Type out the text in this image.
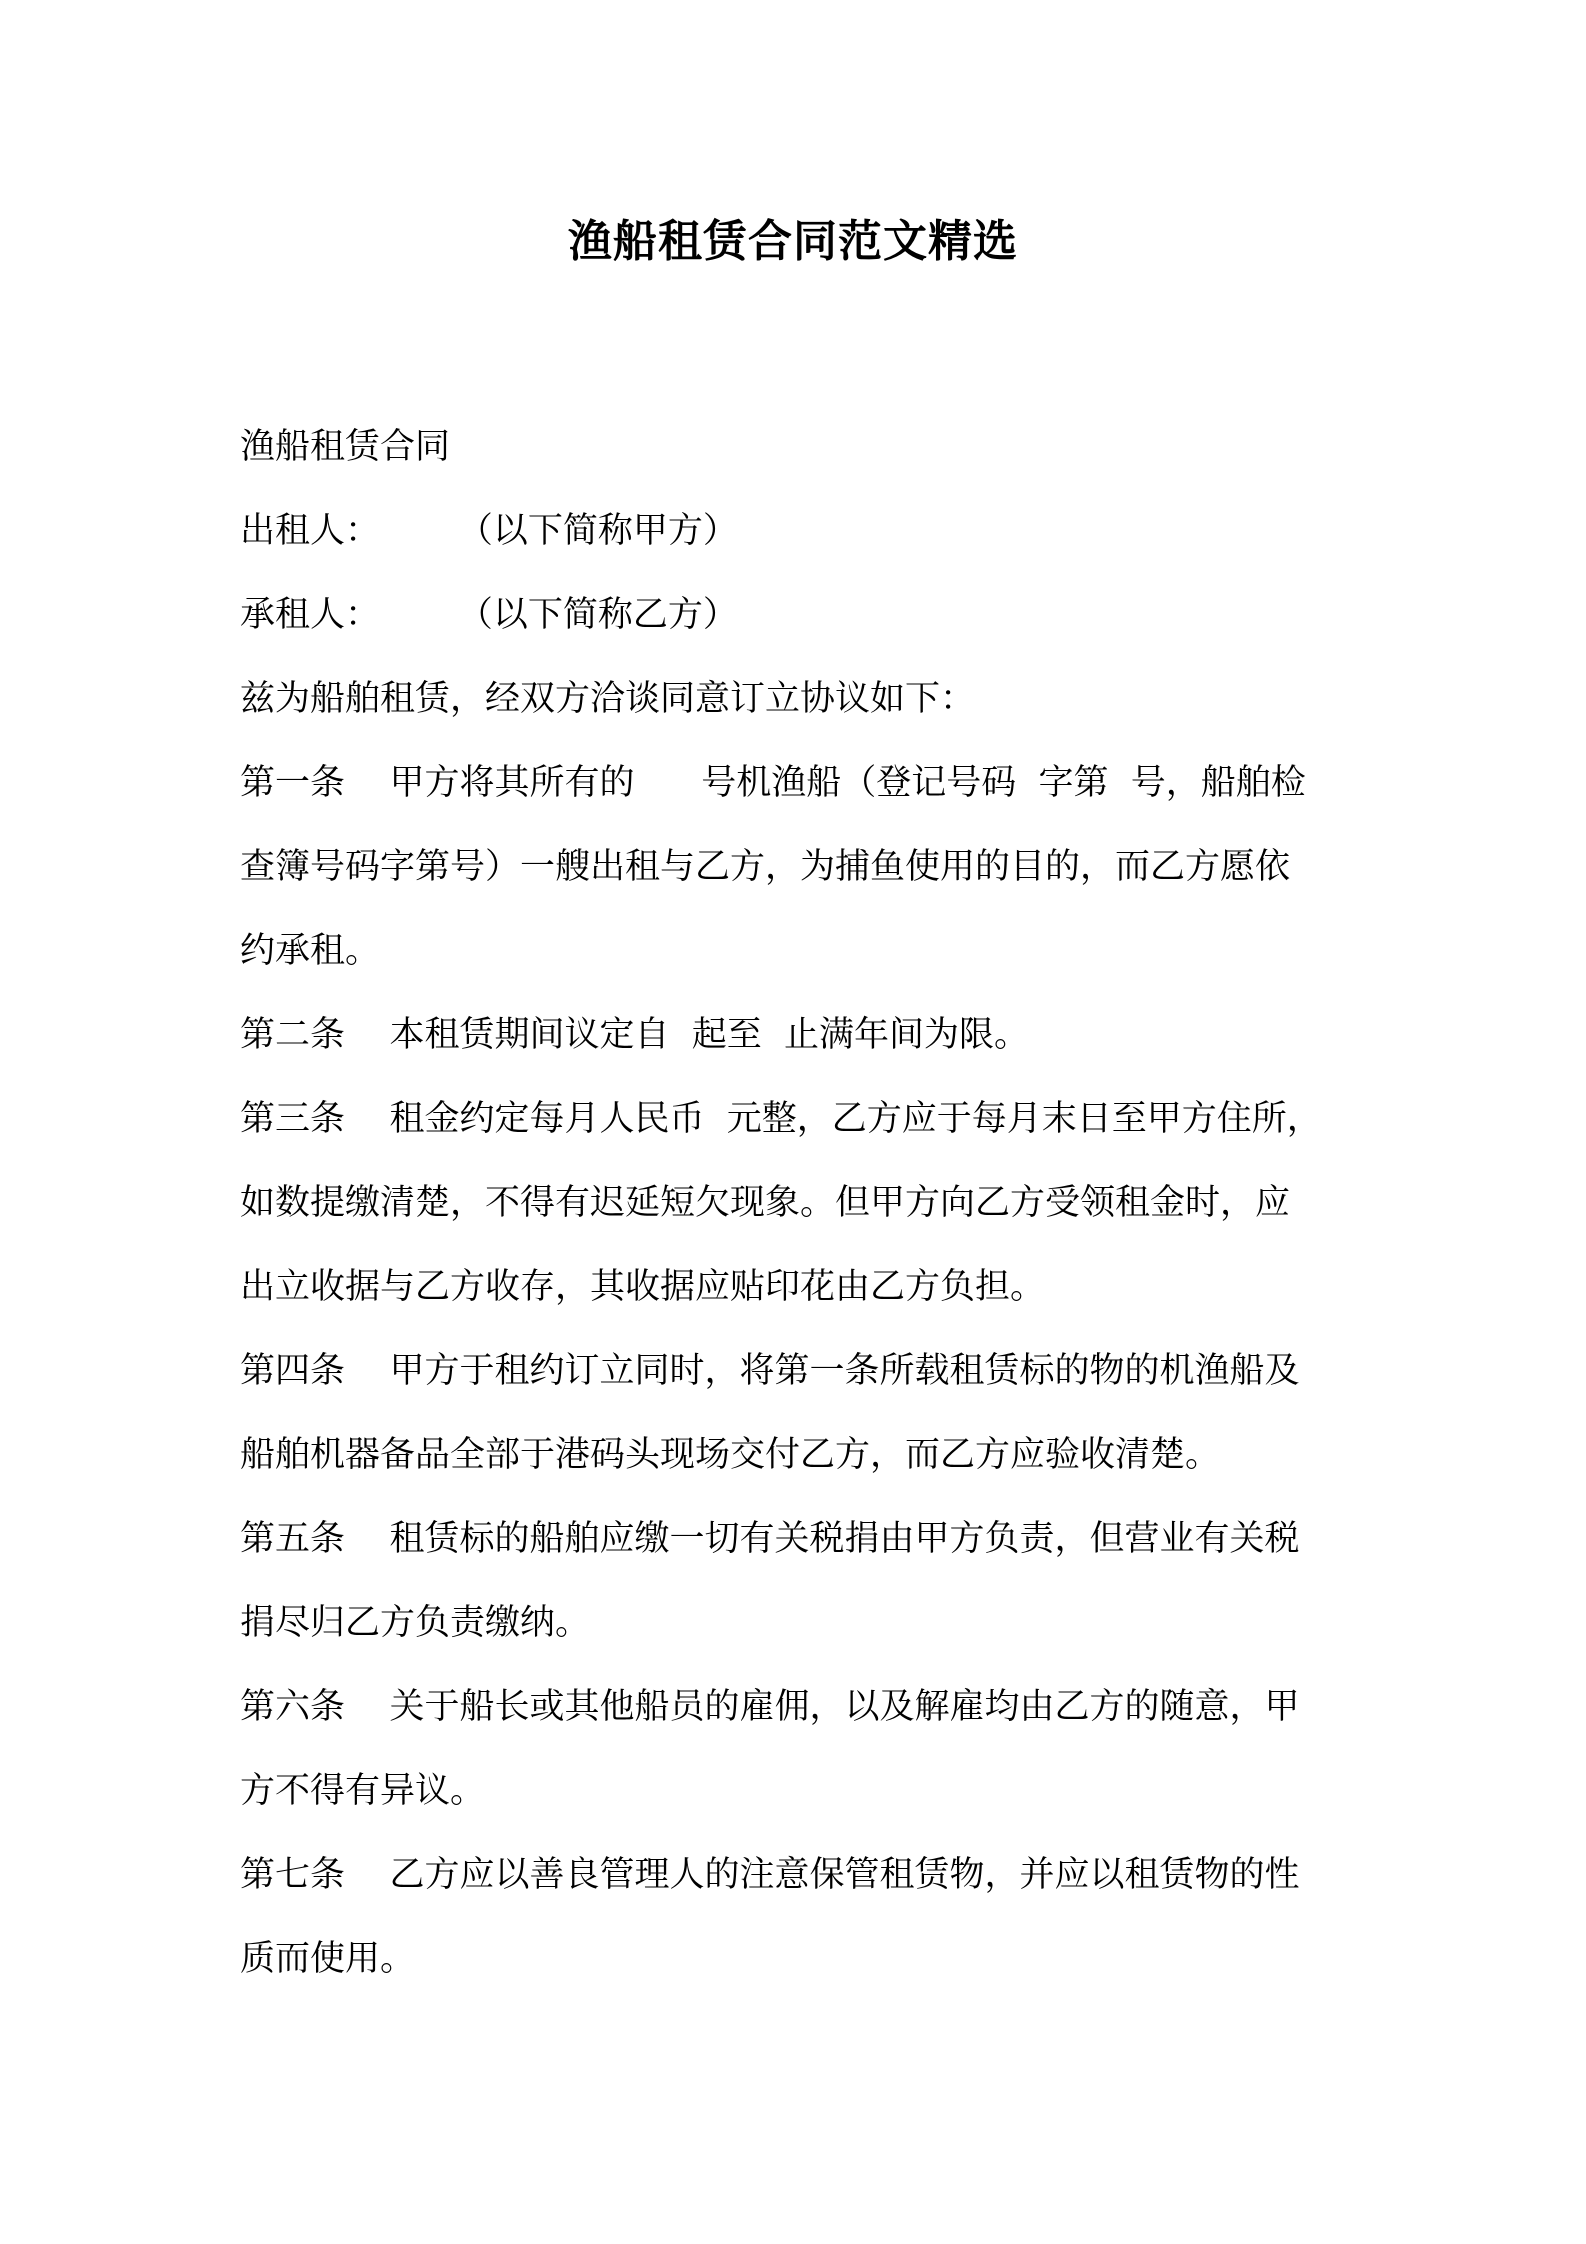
渔船租赁合同范文精选
渔船租赁合同
出租人：       （以下简称甲方）
承租人：       （以下简称乙方）
兹为船舶租赁，经双方洽谈同意订立协议如下：
第一条    甲方将其所有的      号机渔船（登记号码  字第  号，船舶检
查簿号码字第号）一艘出租与乙方，为捕鱼使用的目的，而乙方愿依
约承租。
第二条    本租赁期间议定自  起至  止满年间为限。
第三条    租金约定每月人民币  元整，乙方应于每月末日至甲方住所，
如数提缴清楚，不得有迟延短欠现象。但甲方向乙方受领租金时，应
出立收据与乙方收存，其收据应贴印花由乙方负担。
第四条    甲方于租约订立同时，将第一条所载租赁标的物的机渔船及
船舶机器备品全部于港码头现场交付乙方，而乙方应验收清楚。
第五条    租赁标的船舶应缴一切有关税捐由甲方负责，但营业有关税
捐尽归乙方负责缴纳。
第六条    关于船长或其他船员的雇佣，以及解雇均由乙方的随意，甲
方不得有异议。
第七条    乙方应以善良管理人的注意保管租赁物，并应以租赁物的性
质而使用。
